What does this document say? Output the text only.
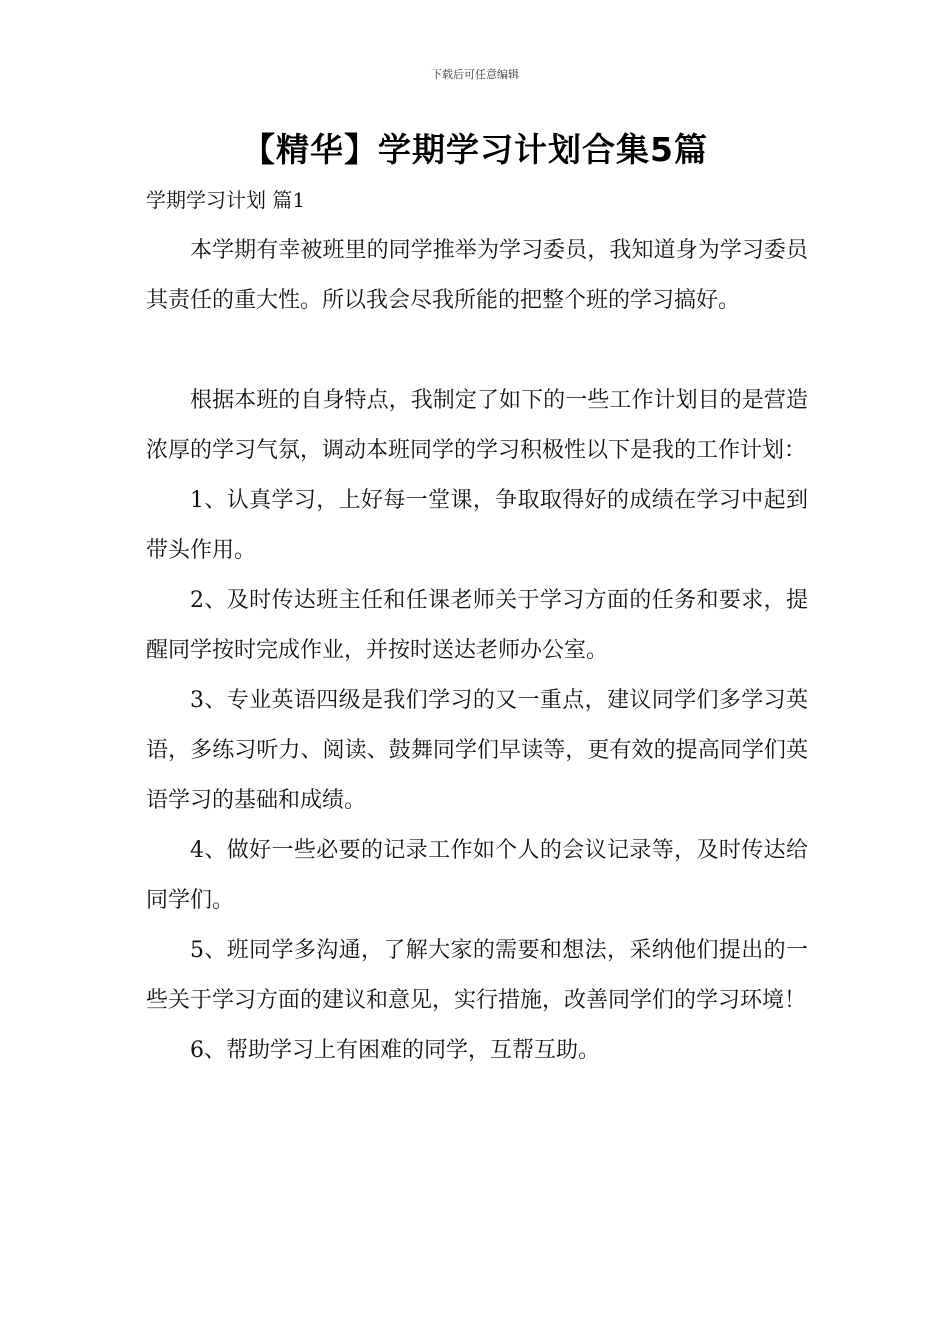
下载后可任意编辑
【精华】学期学习计划合集5篇
学期学习计划 篇1

本学期有幸被班里的同学推举为学习委员，我知道身为学习委员其责任的重大性。所以我会尽我所能的把整个班的学习搞好。

根据本班的自身特点，我制定了如下的一些工作计划目的是营造浓厚的学习气氛，调动本班同学的学习积极性以下是我的工作计划：

1、认真学习，上好每一堂课，争取取得好的成绩在学习中起到带头作用。

2、及时传达班主任和任课老师关于学习方面的任务和要求，提醒同学按时完成作业，并按时送达老师办公室。

3、专业英语四级是我们学习的又一重点，建议同学们多学习英语，多练习听力、阅读、鼓舞同学们早读等，更有效的提高同学们英语学习的基础和成绩。

4、做好一些必要的记录工作如个人的会议记录等，及时传达给同学们。

5、班同学多沟通，了解大家的需要和想法，采纳他们提出的一些关于学习方面的建议和意见，实行措施，改善同学们的学习环境！

6、帮助学习上有困难的同学，互帮互助。
